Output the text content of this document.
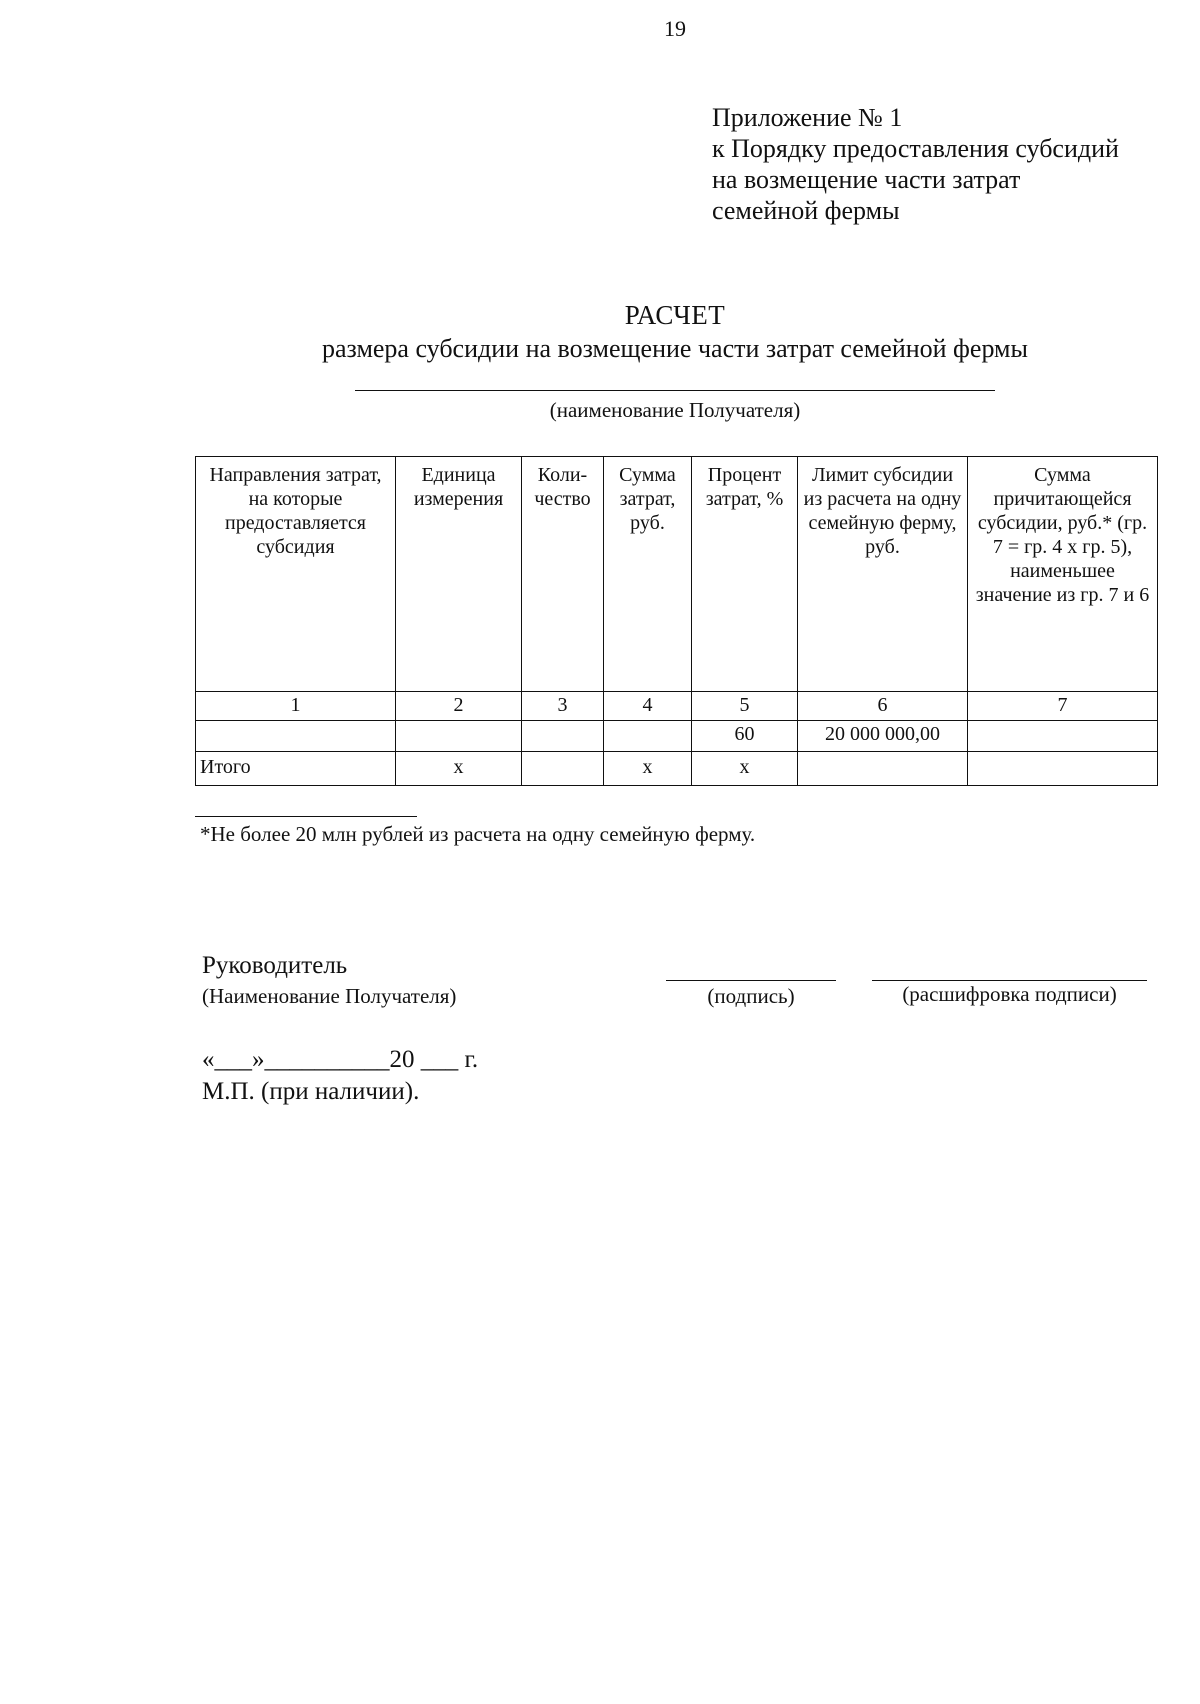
19
Приложение № 1
к Порядку предоставления субсидий
на возмещение части затрат
семейной фермы
РАСЧЕТ
размера субсидии на возмещение части затрат семейной фермы
(наименование Получателя)
Направления затрат, на которые предоставляется субсидия	Единица измерения	Коли-чество	Сумма затрат, руб.	Процент затрат, %	Лимит субсидии из расчета на одну семейную ферму, руб.	Сумма причитающейся субсидии, руб.* (гр. 7 = гр. 4 х гр. 5), наименьшее значение из гр. 7 и 6
1	2	3	4	5	6	7
				60	20 000 000,00	
Итого	х		х	х		
*Не более 20 млн рублей из расчета на одну семейную ферму.
Руководитель
(Наименование Получателя)	(подпись)	(расшифровка подписи)
«___»__________20 ___ г.
М.П. (при наличии).
